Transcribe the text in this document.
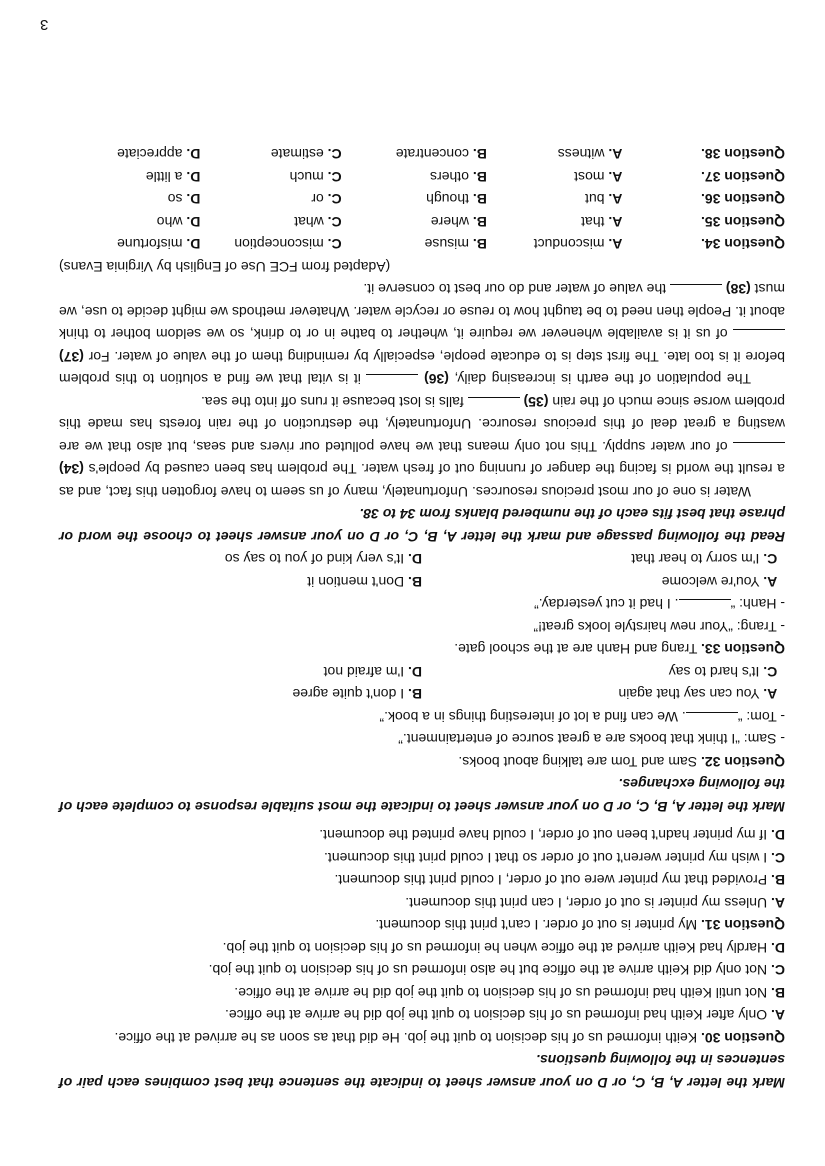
Mark the letter A, B, C, or D on your answer sheet to indicate the sentence that best combines each pair of sentences in the following questions.

Question 30. Keith informed us of his decision to quit the job. He did that as soon as he arrived at the office.

A. Only after Keith had informed us of his decision to quit the job did he arrive at the office.

B. Not until Keith had informed us of his decision to quit the job did he arrive at the office.

C. Not only did Keith arrive at the office but he also informed us of his decision to quit the job.

D. Hardly had Keith arrived at the office when he informed us of his decision to quit the job.

Question 31. My printer is out of order. I can't print this document.

A. Unless my printer is out of order, I can print this document.

B. Provided that my printer were out of order, I could print this document.

C. I wish my printer weren't out of order so that I could print this document.

D. If my printer hadn't been out of order, I could have printed the document.

Mark the letter A, B, C, or D on your answer sheet to indicate the most suitable response to complete each of the following exchanges.

Question 32. Sam and Tom are talking about books.

- Sam: “I think that books are a great source of entertainment.”

- Tom: “. We can find a lot of interesting things in a book.”

A. You can say that again
B. I don't quite agree
C. It's hard to say
D. I'm afraid not

Question 33. Trang and Hanh are at the school gate.

- Trang: “Your new hairstyle looks great!”

- Hanh: “. I had it cut yesterday.”

A. You're welcome
B. Don't mention it
C. I'm sorry to hear that
D. It's very kind of you to say so

Read the following passage and mark the letter A, B, C, or D on your answer sheet to choose the word or phrase that best fits each of the numbered blanks from 34 to 38.

Water is one of our most precious resources. Unfortunately, many of us seem to have forgotten this fact, and as a result the world is facing the danger of running out of fresh water. The problem has been caused by people's (34)  of our water supply. This not only means that we have polluted our rivers and seas, but also that we are wasting a great deal of this precious resource. Unfortunately, the destruction of the rain forests has made this problem worse since much of the rain (35)  falls is lost because it runs off into the sea.

The population of the earth is increasing daily, (36)  it is vital that we find a solution to this problem before it is too late. The first step is to educate people, especially by reminding them of the value of water. For (37)  of us it is available whenever we require it, whether to bathe in or to drink, so we seldom bother to think about it. People then need to be taught how to reuse or recycle water. Whatever methods we might decide to use, we must (38)  the value of water and do our best to conserve it.

(Adapted from FCE Use of English by Virginia Evans)

Question 34.
A. misconduct
B. misuse
C. misconception
D. misfortune
Question 35.
A. that
B. where
C. what
D. who
Question 36.
A. but
B. though
C. or
D. so
Question 37.
A. most
B. others
C. much
D. a little
Question 38.
A. witness
B. concentrate
C. estimate
D. appreciate
3
